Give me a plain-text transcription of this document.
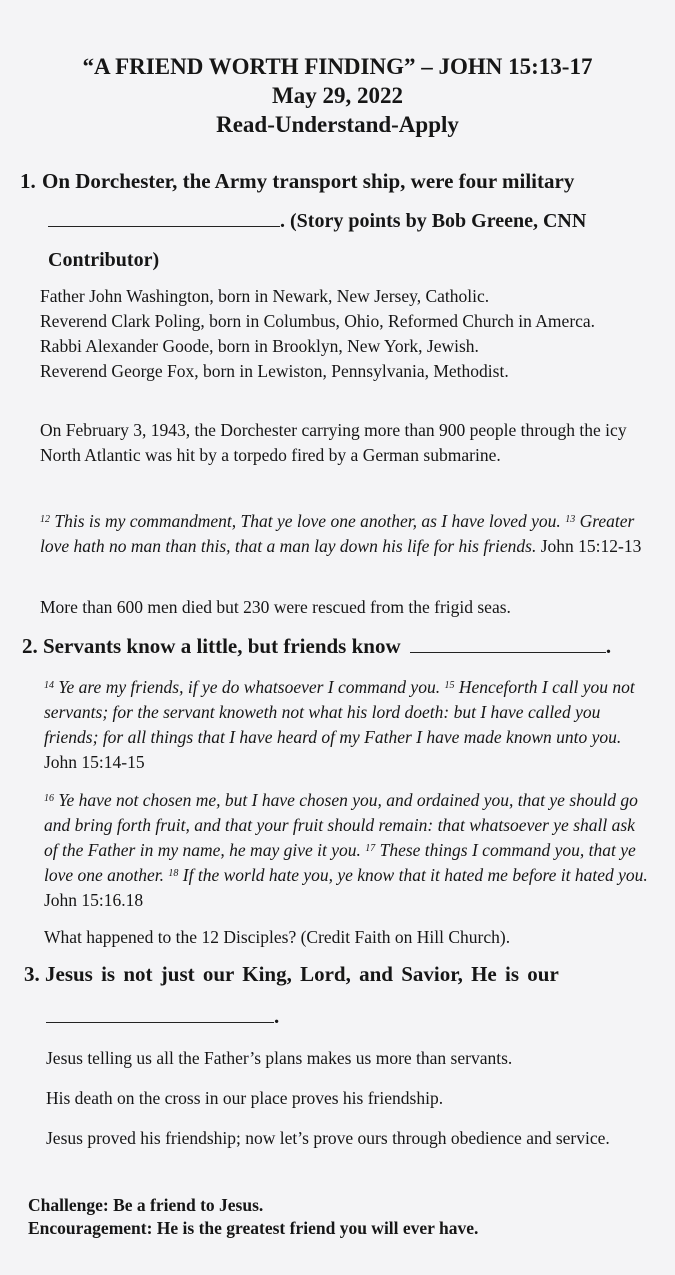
“A FRIEND WORTH FINDING” – JOHN 15:13-17
May 29, 2022
Read-Understand-Apply
1. On Dorchester, the Army transport ship, were four military
. (Story points by Bob Greene, CNN
Contributor)
Father John Washington, born in Newark, New Jersey, Catholic.
Reverend Clark Poling, born in Columbus, Ohio, Reformed Church in Amerca.
Rabbi Alexander Goode, born in Brooklyn, New York, Jewish.
Reverend George Fox, born in Lewiston, Pennsylvania, Methodist.
On February 3, 1943, the Dorchester carrying more than 900 people through the icy North Atlantic was hit by a torpedo fired by a German submarine.
$^{12}$ This is my commandment, That ye love one another, as I have loved you. $^{13}$ Greater love hath no man than this, that a man lay down his life for his friends. John 15:12-13
More than 600 men died but 230 were rescued from the frigid seas.
2. Servants know a little, but friends know	.
$^{14}$ Ye are my friends, if ye do whatsoever I command you. $^{15}$ Henceforth I call you not servants; for the servant knoweth not what his lord doeth: but I have called you friends; for all things that I have heard of my Father I have made known unto you. John 15:14-15
$^{16}$ Ye have not chosen me, but I have chosen you, and ordained you, that ye should go and bring forth fruit, and that your fruit should remain: that whatsoever ye shall ask of the Father in my name, he may give it you. $^{17}$ These things I command you, that ye love one another. $^{18}$ If the world hate you, ye know that it hated me before it hated you. John 15:16.18
What happened to the 12 Disciples? (Credit Faith on Hill Church).
3. Jesus is not just our King, Lord, and Savior, He is our
.
Jesus telling us all the Father’s plans makes us more than servants.
His death on the cross in our place proves his friendship.
Jesus proved his friendship; now let’s prove ours through obedience and service.
Challenge: Be a friend to Jesus.
Encouragement: He is the greatest friend you will ever have.
